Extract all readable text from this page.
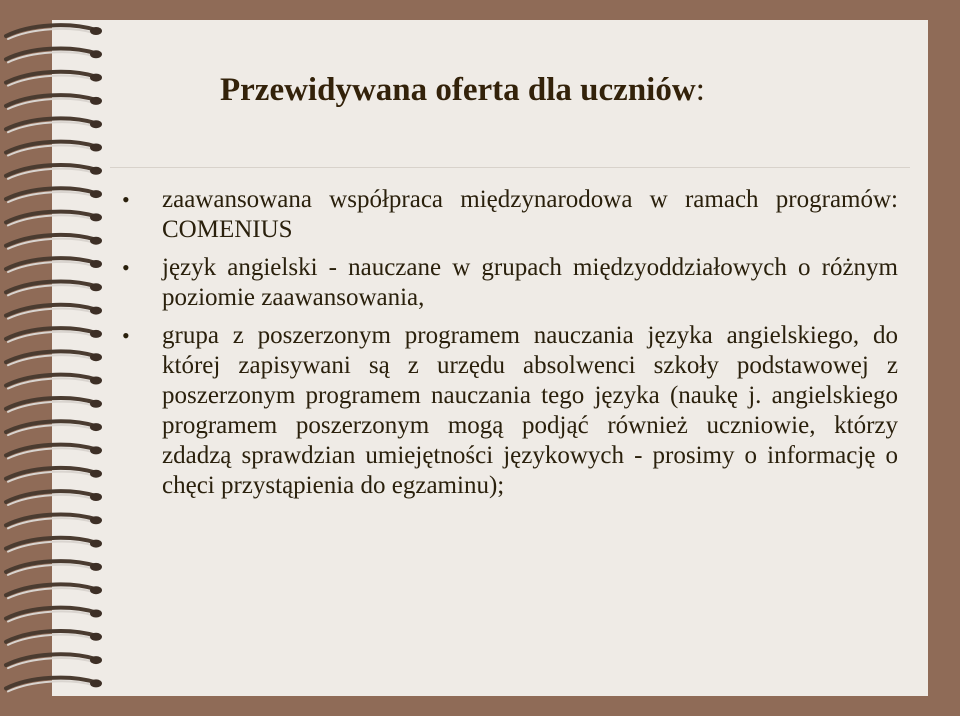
Przewidywana oferta dla uczniów:
•	zaawansowana współpraca międzynarodowa w ramach programów: COMENIUS
•	język angielski - nauczane w grupach międzyoddziałowych o różnym poziomie zaawansowania,
•	grupa z poszerzonym programem nauczania języka angielskiego, do której zapisywani są z urzędu absolwenci szkoły podstawowej z poszerzonym programem nauczania tego języka (naukę j. angielskiego programem poszerzonym mogą podjąć również uczniowie, którzy zdadzą sprawdzian umiejętności językowych - prosimy o informację o chęci przystąpienia do egzaminu);
